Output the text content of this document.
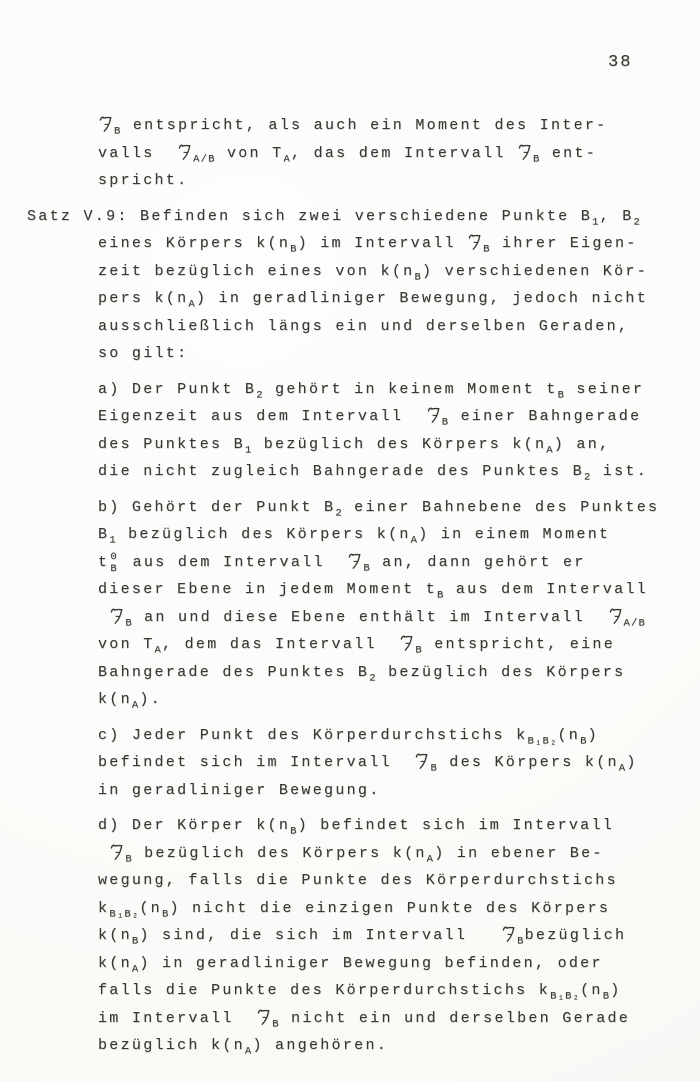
38
$_B$ entspricht, als auch ein Moment des Inter-
valls
$_{A/B}$ von $T_A$, das dem Intervall
$_B$ ent-
spricht.
Satz V.9: Befinden sich zwei verschiedene Punkte $B_1$, $B_2$
eines Körpers $k(n_B)$ im Intervall
$_B$ ihrer Eigen-
zeit bezüglich eines von $k(n_B)$ verschiedenen Kör-
pers $k(n_A)$ in geradliniger Bewegung, jedoch nicht
ausschließlich längs ein und derselben Geraden,
so gilt:
a) Der Punkt $B_2$ gehört in keinem Moment $t_B$ seiner
Eigenzeit aus dem Intervall
$_B$ einer Bahngerade
des Punktes $B_1$ bezüglich des Körpers $k(n_A)$ an,
die nicht zugleich Bahngerade des Punktes $B_2$ ist.
b) Gehört der Punkt $B_2$ einer Bahnebene des Punktes
$B_1$ bezüglich des Körpers $k(n_A)$ in einem Moment
t 0
B aus dem Intervall
$_B$ an, dann gehört er
dieser Ebene in jedem Moment $t_B$ aus dem Intervall

$_B$ an und diese Ebene enthält im Intervall
$_{A/B}$
von $T_A$, dem das Intervall
$_B$ entspricht, eine
Bahngerade des Punktes $B_2$ bezüglich des Körpers
$k(n_A)$.
c) Jeder Punkt des Körperdurchstichs $k_{B_1B_2}(n_B)$
befindet sich im Intervall
$_B$ des Körpers $k(n_A)$
in geradliniger Bewegung.
d) Der Körper $k(n_B)$ befindet sich im Intervall

$_B$ bezüglich des Körpers $k(n_A)$ in ebener Be-
wegung, falls die Punkte des Körperdurchstichs
$k_{B_1B_2}(n_B)$ nicht die einzigen Punkte des Körpers
$k(n_B)$ sind, die sich im Intervall
$_B$bezüglich
$k(n_A)$ in geradliniger Bewegung befinden, oder
falls die Punkte des Körperdurchstichs $k_{B_1B_2}(n_B)$
im Intervall
$_B$ nicht ein und derselben Gerade
bezüglich $k(n_A)$ angehören.
